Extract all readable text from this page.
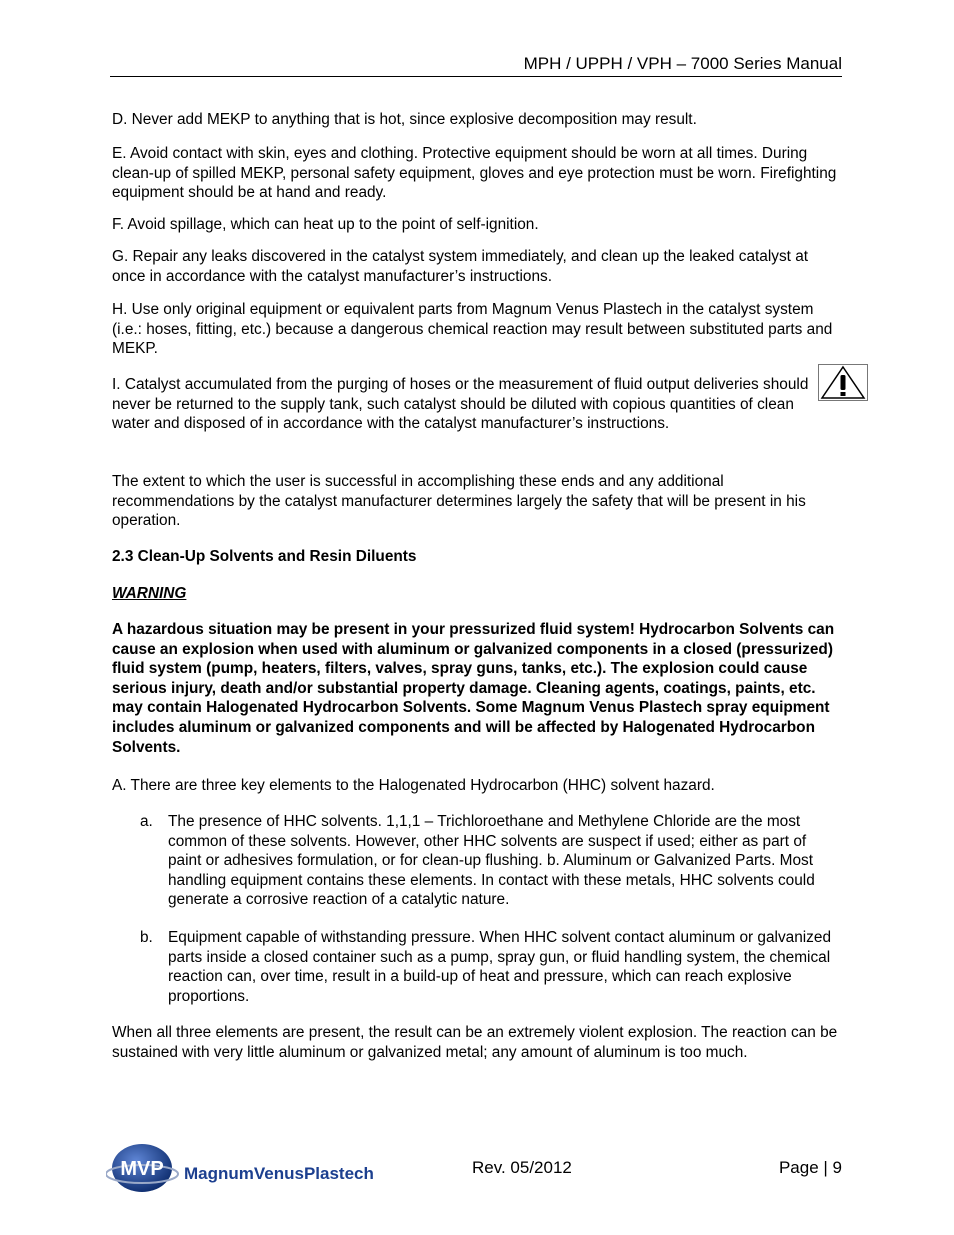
MPH / UPPH / VPH – 7000 Series Manual

D. Never add MEKP to anything that is hot, since explosive decomposition may result.

E. Avoid contact with skin, eyes and clothing. Protective equipment should be worn at all times. During clean-up of spilled MEKP, personal safety equipment, gloves and eye protection must be worn. Firefighting equipment should be at hand and ready.

F. Avoid spillage, which can heat up to the point of self-ignition.

G. Repair any leaks discovered in the catalyst system immediately, and clean up the leaked catalyst at once in accordance with the catalyst manufacturer’s instructions.

H. Use only original equipment or equivalent parts from Magnum Venus Plastech in the catalyst system (i.e.: hoses, fitting, etc.) because a dangerous chemical reaction may result between substituted parts and MEKP.

I. Catalyst accumulated from the purging of hoses or the measurement of fluid output deliveries should never be returned to the supply tank, such catalyst should be diluted with copious quantities of clean water and disposed of in accordance with the catalyst manufacturer’s instructions.

The extent to which the user is successful in accomplishing these ends and any additional recommendations by the catalyst manufacturer determines largely the safety that will be present in his operation.

2.3 Clean-Up Solvents and Resin Diluents

WARNING

A hazardous situation may be present in your pressurized fluid system! Hydrocarbon Solvents can cause an explosion when used with aluminum or galvanized components in a closed (pressurized) fluid system (pump, heaters, filters, valves, spray guns, tanks, etc.). The explosion could cause serious injury, death and/or substantial property damage. Cleaning agents, coatings, paints, etc. may contain Halogenated Hydrocarbon Solvents. Some Magnum Venus Plastech spray equipment includes aluminum or galvanized components and will be affected by Halogenated Hydrocarbon Solvents.

A. There are three key elements to the Halogenated Hydrocarbon (HHC) solvent hazard.

a. The presence of HHC solvents. 1,1,1 – Trichloroethane and Methylene Chloride are the most common of these solvents. However, other HHC solvents are suspect if used; either as part of paint or adhesives formulation, or for clean-up flushing. b. Aluminum or Galvanized Parts. Most handling equipment contains these elements. In contact with these metals, HHC solvents could generate a corrosive reaction of a catalytic nature.
b. Equipment capable of withstanding pressure. When HHC solvent contact aluminum or galvanized parts inside a closed container such as a pump, spray gun, or fluid handling system, the chemical reaction can, over time, result in a build-up of heat and pressure, which can reach explosive proportions.

When all three elements are present, the result can be an extremely violent explosion. The reaction can be sustained with very little aluminum or galvanized metal; any amount of aluminum is too much.

MVP MagnumVenusPlastech	Rev. 05/2012	Page | 9
